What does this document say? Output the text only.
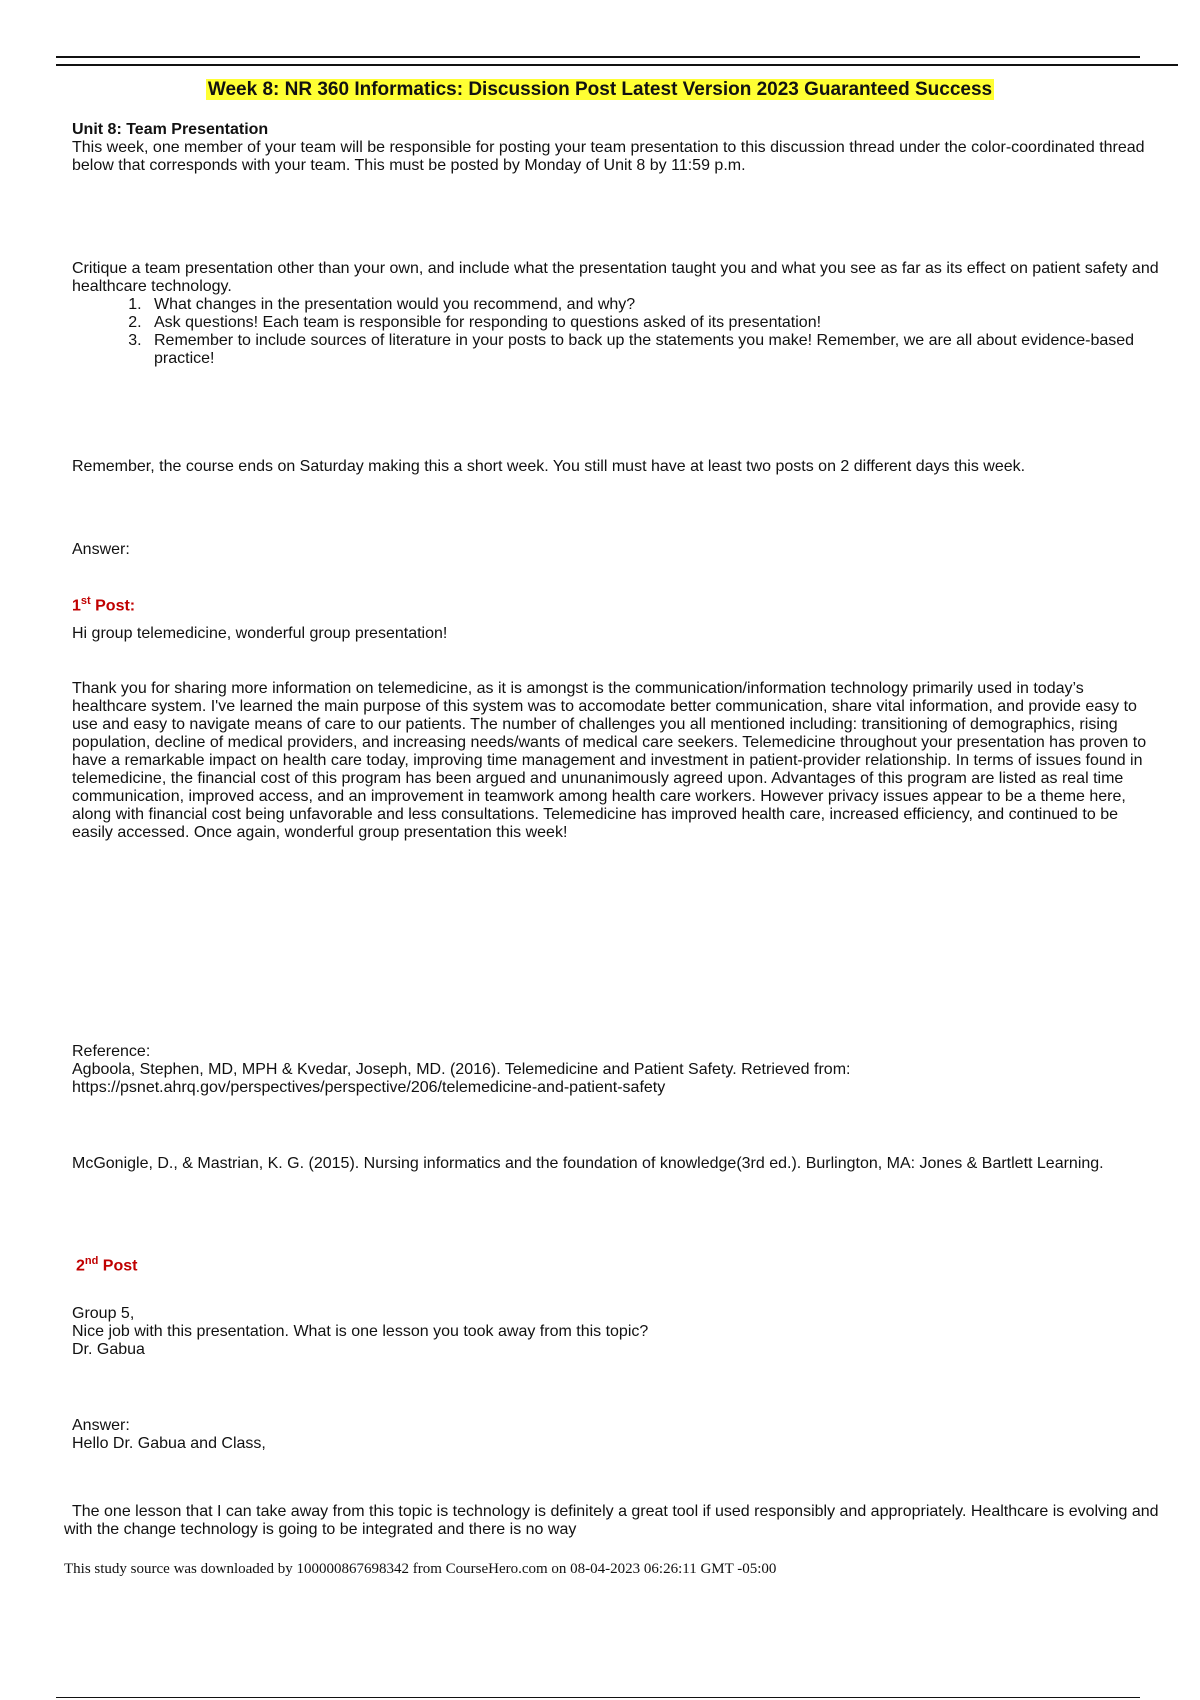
Week 8: NR 360 Informatics: Discussion Post Latest Version 2023 Guaranteed Success

Unit 8: Team Presentation

This week, one member of your team will be responsible for posting your team presentation to this discussion thread under the color-coordinated thread below that corresponds with your team. This must be posted by Monday of Unit 8 by 11:59 p.m.

Critique a team presentation other than your own, and include what the presentation taught you and what you see as far as its effect on patient safety and healthcare technology.

1. What changes in the presentation would you recommend, and why?
2. Ask questions! Each team is responsible for responding to questions asked of its presentation!
3. Remember to include sources of literature in your posts to back up the statements you make! Remember, we are all about evidence-based practice!
Remember, the course ends on Saturday making this a short week. You still must have at least two posts on 2 different days this week.
Answer:
1st Post:
Hi group telemedicine, wonderful group presentation!
Thank you for sharing more information on telemedicine, as it is amongst is the communication/information technology primarily used in today’s healthcare system. I've learned the main purpose of this system was to accomodate better communication, share vital information, and provide easy to use and easy to navigate means of care to our patients. The number of challenges you all mentioned including: transitioning of demographics, rising population, decline of medical providers, and increasing needs/wants of medical care seekers. Telemedicine throughout your presentation has proven to have a remarkable impact on health care today, improving time management and investment in patient-provider relationship. In terms of issues found in telemedicine, the financial cost of this program has been argued and ununanimously agreed upon. Advantages of this program are listed as real time communication, improved access, and an improvement in teamwork among health care workers. However privacy issues appear to be a theme here, along with financial cost being unfavorable and less consultations. Telemedicine has improved health care, increased efficiency, and continued to be easily accessed. Once again, wonderful group presentation this week!

Reference:

Agboola, Stephen, MD, MPH & Kvedar, Joseph, MD. (2016). Telemedicine and Patient Safety. Retrieved from: https://psnet.ahrq.gov/perspectives/perspective/206/telemedicine-and-patient-safety

McGonigle, D., & Mastrian, K. G. (2015). Nursing informatics and the foundation of knowledge(3rd ed.). Burlington, MA: Jones & Bartlett Learning.
2nd Post

Group 5,

Nice job with this presentation. What is one lesson you took away from this topic?

Dr. Gabua

Answer:

Hello Dr. Gabua and Class,

The one lesson that I can take away from this topic is technology is definitely a great tool if used responsibly and appropriately. Healthcare is evolving and with the change technology is going to be integrated and there is no way
This study source was downloaded by 100000867698342 from CourseHero.com on 08-04-2023 06:26:11 GMT -05:00
